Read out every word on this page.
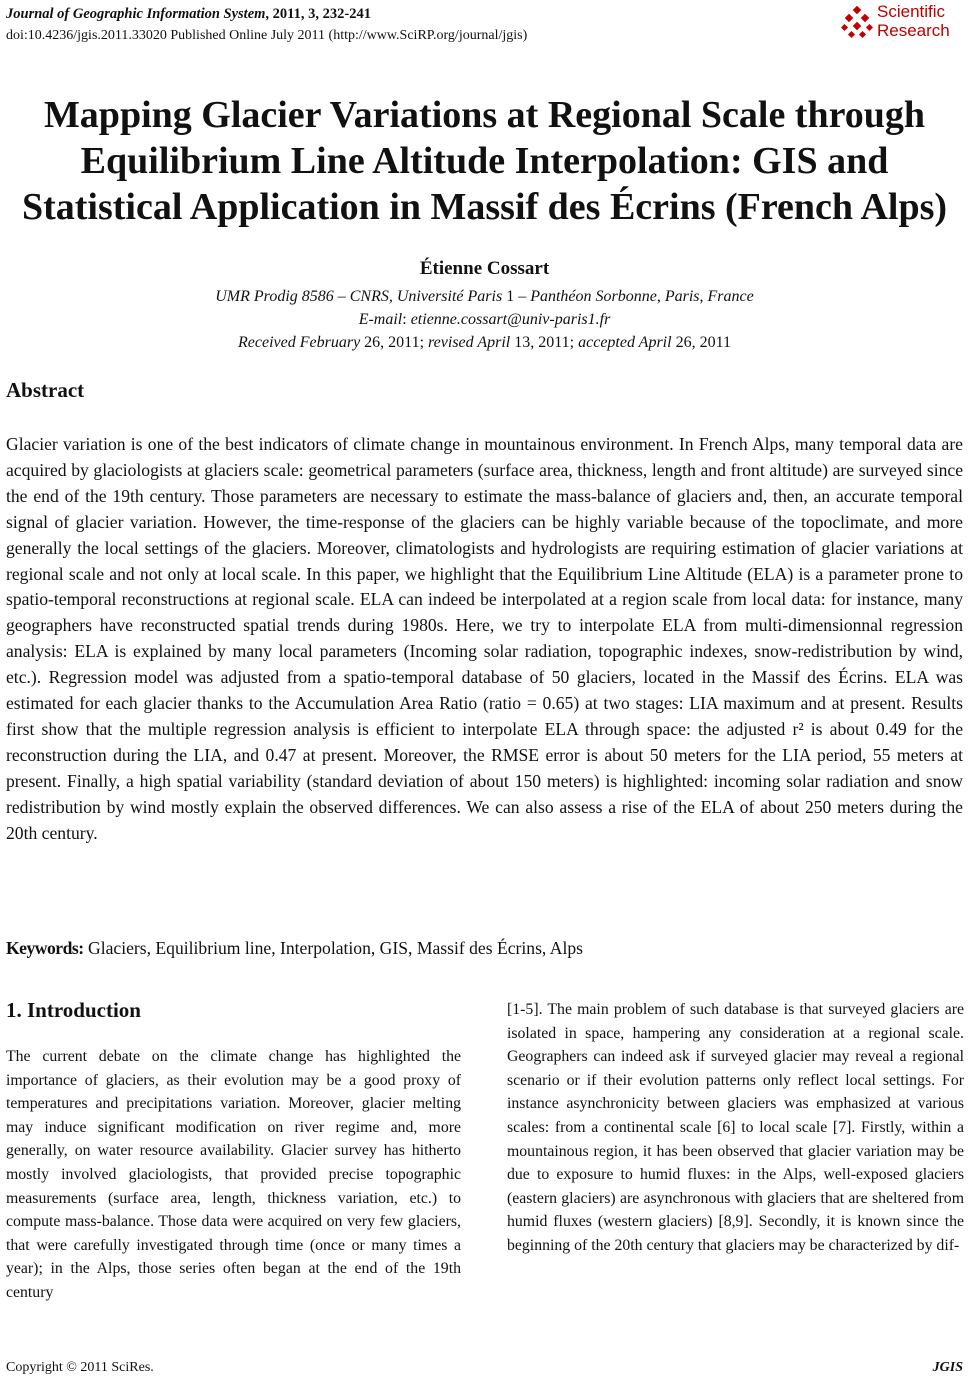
Journal of Geographic Information System, 2011, 3, 232-241
doi:10.4236/jgis.2011.33020 Published Online July 2011 (http://www.SciRP.org/journal/jgis)
Scientific
Research
Mapping Glacier Variations at Regional Scale through
Equilibrium Line Altitude Interpolation: GIS and
Statistical Application in Massif des Écrins (French Alps)
Étienne Cossart
UMR Prodig 8586 – CNRS, Université Paris 1 – Panthéon Sorbonne, Paris, France
E-mail: etienne.cossart@univ-paris1.fr
Received February 26, 2011; revised April 13, 2011; accepted April 26, 2011
Abstract

Glacier variation is one of the best indicators of climate change in mountainous environment. In French Alps, many temporal data are acquired by glaciologists at glaciers scale: geometrical parameters (surface area, thickness, length and front altitude) are surveyed since the end of the 19th century. Those parameters are necessary to estimate the mass-balance of glaciers and, then, an accurate temporal signal of glacier variation. However, the time-response of the glaciers can be highly variable because of the topoclimate, and more generally the local settings of the glaciers. Moreover, climatologists and hydrologists are requiring estimation of glacier variations at regional scale and not only at local scale. In this paper, we highlight that the Equilibrium Line Altitude (ELA) is a parameter prone to spatio-temporal reconstructions at regional scale. ELA can indeed be interpolated at a region scale from local data: for instance, many geographers have reconstructed spatial trends during 1980s. Here, we try to interpolate ELA from multi-dimensionnal regression analysis: ELA is explained by many local parameters (Incoming solar radiation, topographic indexes, snow-redistribution by wind, etc.). Regression model was adjusted from a spatio-temporal database of 50 glaciers, located in the Massif des Écrins. ELA was estimated for each glacier thanks to the Accumulation Area Ratio (ratio = 0.65) at two stages: LIA maximum and at present. Results first show that the multiple regression analysis is efficient to interpolate ELA through space: the adjusted r² is about 0.49 for the reconstruction during the LIA, and 0.47 at present. Moreover, the RMSE error is about 50 meters for the LIA period, 55 meters at present. Finally, a high spatial variability (standard deviation of about 150 meters) is highlighted: incoming solar radiation and snow redistribution by wind mostly explain the observed differences. We can also assess a rise of the ELA of about 250 meters during the 20th century.

Keywords: Glaciers, Equilibrium line, Interpolation, GIS, Massif des Écrins, Alps
1. Introduction

The current debate on the climate change has highlighted the importance of glaciers, as their evolution may be a good proxy of temperatures and precipitations variation. Moreover, glacier melting may induce significant modification on river regime and, more generally, on water resource availability. Glacier survey has hitherto mostly involved glaciologists, that provided precise topographic measurements (surface area, length, thickness variation, etc.) to compute mass-balance. Those data were acquired on very few glaciers, that were carefully investigated through time (once or many times a year); in the Alps, those series often began at the end of the 19th century

[1-5]. The main problem of such database is that surveyed glaciers are isolated in space, hampering any consideration at a regional scale. Geographers can indeed ask if surveyed glacier may reveal a regional scenario or if their evolution patterns only reflect local settings. For instance asynchronicity between glaciers was emphasized at various scales: from a continental scale [6] to local scale [7]. Firstly, within a mountainous region, it has been observed that glacier variation may be due to exposure to humid fluxes: in the Alps, well-exposed glaciers (eastern glaciers) are asynchronous with glaciers that are sheltered from humid fluxes (western glaciers) [8,9]. Secondly, it is known since the beginning of the 20th century that glaciers may be characterized by dif-

Copyright © 2011 SciRes.	JGIS
